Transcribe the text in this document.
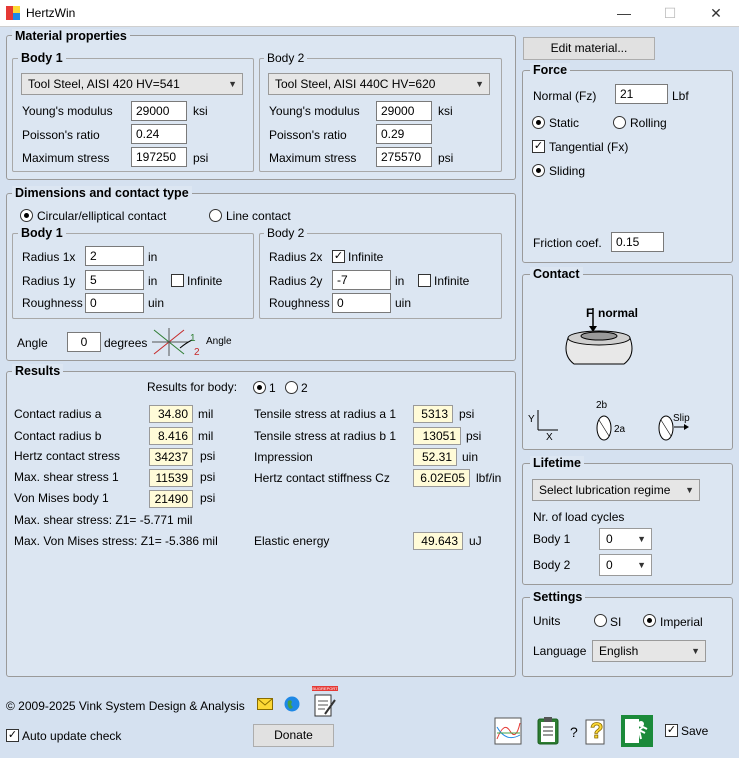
HertzWin	—	☐	✕
Material properties
Body 1
Tool Steel, AISI 420 HV=541	▼
Young's modulus	29000	ksi
Poisson's ratio	0.24
Maximum stress	197250	psi
Body 2
Tool Steel, AISI 440C HV=620	▼
Young's modulus	29000	ksi
Poisson's ratio	0.29
Maximum stress	275570	psi
Dimensions and contact type
Circular/elliptical contact	Line contact
Body 1
Radius 1x	2	in
Radius 1y	5	in Infinite
Roughness 0	uin
Body 2
Radius 2x ✓ Infinite
Radius 2y	-7	in Infinite
Roughness 0	uin
Angle	0	degrees	1
2
Angle
Results
Results for body:	1 2
Contact radius a	34.80 mil
Contact radius b	8.416 mil
Hertz contact stress	34237	psi
Max. shear stress 1	11539	psi
Von Mises body 1	21490	psi
Max. shear stress: Z1= -5.771 mil
Max. Von Mises stress: Z1= -5.386 mil
Tensile stress at radius a 1	5313 psi
Tensile stress at radius b 1	13051 psi
Impression	52.31 uin
Hertz contact stiffness Cz	6.02E05 lbf/in
Elastic energy	49.643 uJ
Edit material...
Force
Normal (Fz)	21	Lbf
Static	Rolling
✓ Tangential (Fx)
Sliding
Friction coef.	0.15
Contact
F normal
Y
X
2b
2a
Slip
Lifetime
Select lubrication regime ▼
Nr. of load cycles
Body 1	0	▼
Body 2	0	▼
Settings
Units	SI	Imperial
Language	English	▼
© 2009-2025 Vink System Design & Analysis
BUGREPORT
✓ Auto update check	Donate	? ?	✓ Save
